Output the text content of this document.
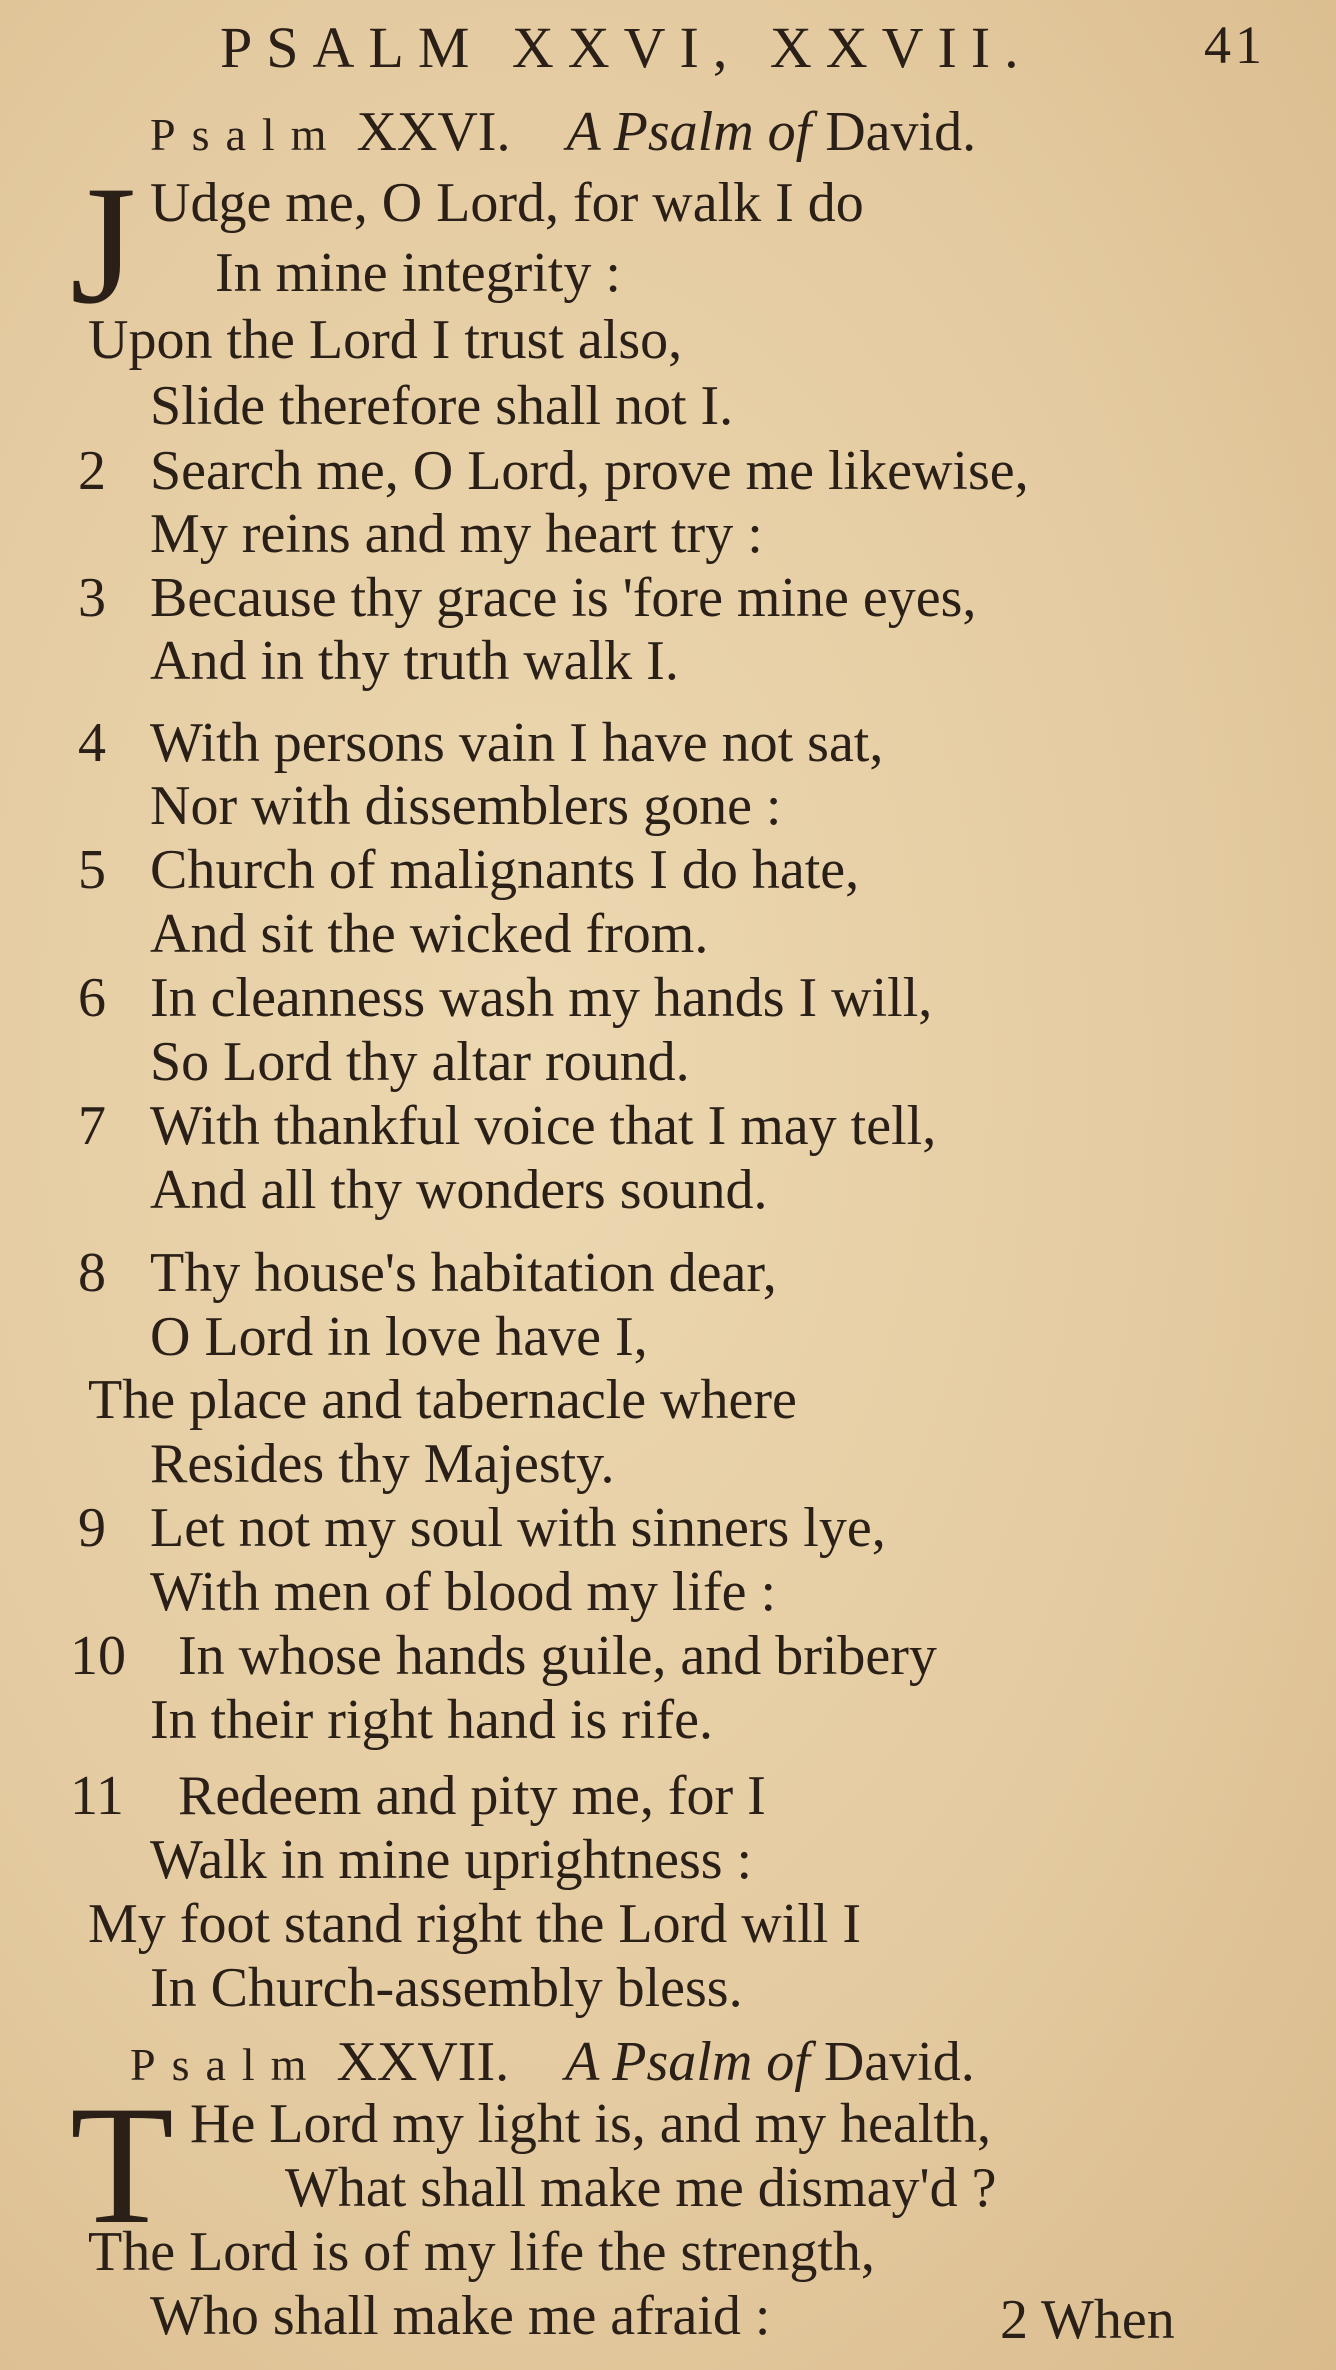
PSALM XXVI, XXVII.	41
Psalm XXVI. A Psalm of David.
J Udge me, O Lord, for walk I do
In mine integrity :
Upon the Lord I trust also,
Slide therefore shall not I.
2 Search me, O Lord, prove me likewise,
My reins and my heart try :
3 Because thy grace is 'fore mine eyes,
And in thy truth walk I.
4 With persons vain I have not sat,
Nor with dissemblers gone :
5 Church of malignants I do hate,
And sit the wicked from.
6 In cleanness wash my hands I will,
So Lord thy altar round.
7 With thankful voice that I may tell,
And all thy wonders sound.
8 Thy house's habitation dear,
O Lord in love have I,
The place and tabernacle where
Resides thy Majesty.
9 Let not my soul with sinners lye,
With men of blood my life :
10 In whose hands guile, and bribery
In their right hand is rife.
11 Redeem and pity me, for I
Walk in mine uprightness :
My foot stand right the Lord will I
In Church-assembly bless.
Psalm XXVII. A Psalm of David.
T He Lord my light is, and my health,
What shall make me dismay'd ?
The Lord is of my life the strength,
Who shall make me afraid :	2 When
